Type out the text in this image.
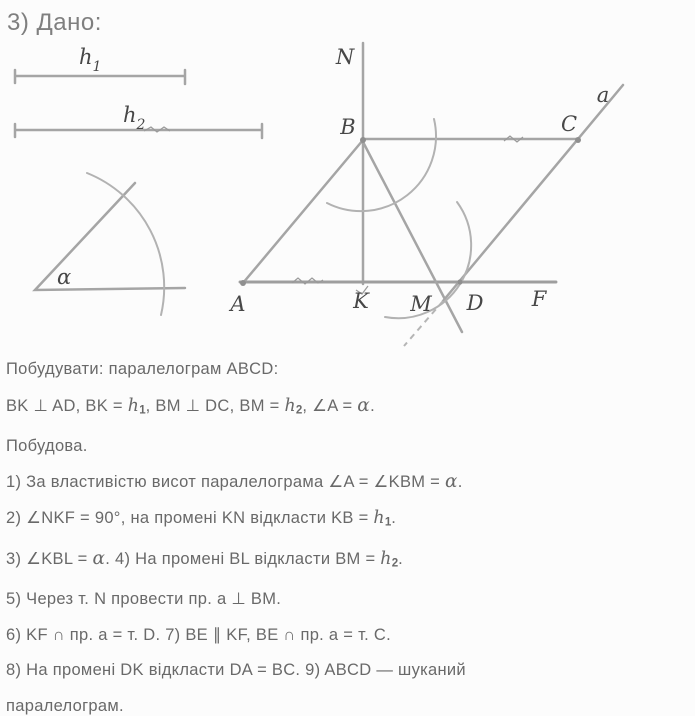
3) Дано:
$h_1$
$h_2$
α
N
B	C
a
A	K M D F

Побудувати: паралелограм ABCD:

BK ⊥ AD, BK = h1, BM ⊥ DC, BM = h2, ∠A = α.

Побудова.

1) За властивістю висот паралелограма ∠A = ∠KBM = α.

2) ∠NKF = 90°, на промені KN відкласти KB = h1.

3) ∠KBL = α. 4) На промені BL відкласти BM = h2.

5) Через т. N провести пр. a ⊥ BM.

6) KF ∩ пр. a = т. D. 7) BE ∥ KF, BE ∩ пр. a = т. C.

8) На промені DK відкласти DA = BC. 9) ABCD — шуканий

паралелограм.
